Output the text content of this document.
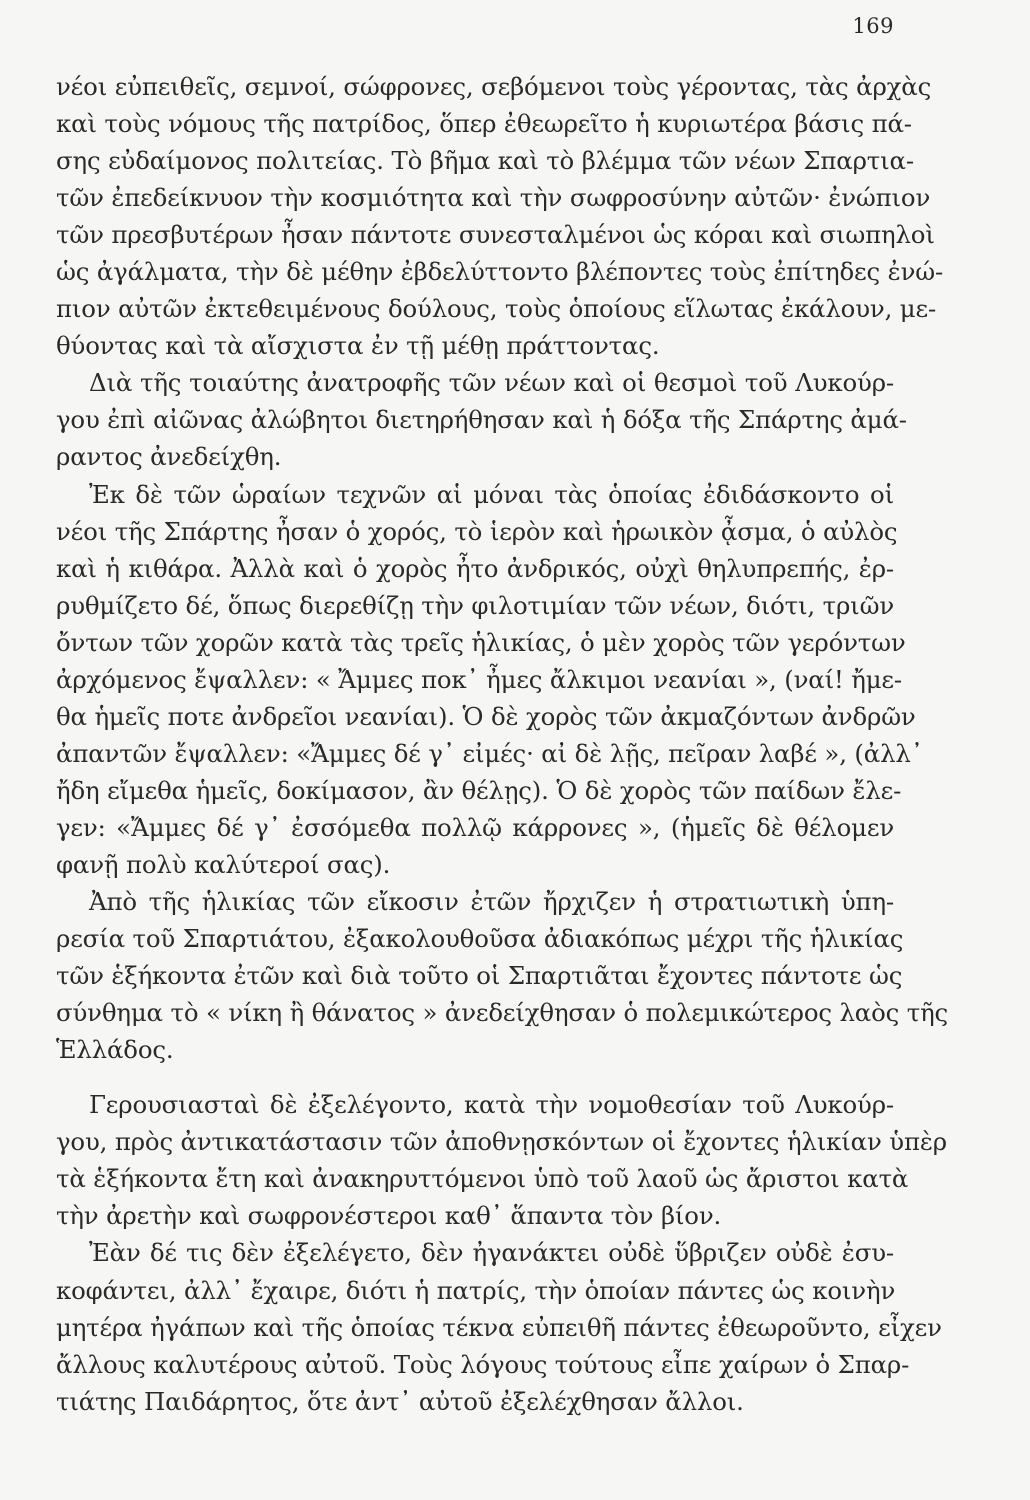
169

νέοι εὐπειθεῖς, σεμνοί, σώφρονες, σεβόμενοι τοὺς γέροντας, τὰς ἀρχὰς
καὶ τοὺς νόμους τῆς πατρίδος, ὅπερ ἐθεωρεῖτο ἡ κυριωτέρα βάσις πά-
σης εὐδαίμονος πολιτείας. Τὸ βῆμα καὶ τὸ βλέμμα τῶν νέων Σπαρτια-
τῶν ἐπεδείκνυον τὴν κοσμιότητα καὶ τὴν σωφροσύνην αὐτῶν· ἐνώπιον
τῶν πρεσβυτέρων ἦσαν πάντοτε συνεσταλμένοι ὡς κόραι καὶ σιωπηλοὶ
ὡς ἀγάλματα, τὴν δὲ μέθην ἐβδελύττοντο βλέποντες τοὺς ἐπίτηδες ἐνώ-
πιον αὐτῶν ἐκτεθειμένους δούλους, τοὺς ὁποίους εἵλωτας ἐκάλουν, με-
θύοντας καὶ τὰ αἴσχιστα ἐν τῇ μέθῃ πράττοντας.

Διὰ τῆς τοιαύτης ἀνατροφῆς τῶν νέων καὶ οἱ θεσμοὶ τοῦ Λυκούρ-
γου ἐπὶ αἰῶνας ἀλώβητοι διετηρήθησαν καὶ ἡ δόξα τῆς Σπάρτης ἀμά-
ραντος ἀνεδείχθη.

Ἐκ δὲ τῶν ὡραίων τεχνῶν αἱ μόναι τὰς ὁποίας ἐδιδάσκοντο οἱ
νέοι τῆς Σπάρτης ἦσαν ὁ χορός, τὸ ἱερὸν καὶ ἡρωικὸν ᾆσμα, ὁ αὐλὸς
καὶ ἡ κιθάρα. Ἀλλὰ καὶ ὁ χορὸς ἦτο ἀνδρικός, οὐχὶ θηλυπρεπής, ἐρ-
ρυθμίζετο δέ, ὅπως διερεθίζῃ τὴν φιλοτιμίαν τῶν νέων, διότι, τριῶν
ὄντων τῶν χορῶν κατὰ τὰς τρεῖς ἡλικίας, ὁ μὲν χορὸς τῶν γερόντων
ἀρχόμενος ἔψαλλεν: « Ἄμμες ποκ᾿ ἦμες ἄλκιμοι νεανίαι », (ναί! ἤμε-
θα ἡμεῖς ποτε ἀνδρεῖοι νεανίαι). Ὁ δὲ χορὸς τῶν ἀκμαζόντων ἀνδρῶν
ἀπαντῶν ἔψαλλεν: «Ἄμμες δέ γ᾿ εἰμές· αἰ δὲ λῇς, πεῖραν λαβέ », (ἀλλ᾿
ἤδη εἴμεθα ἡμεῖς, δοκίμασον, ἂν θέλῃς). Ὁ δὲ χορὸς τῶν παίδων ἔλε-
γεν: «Ἄμμες δέ γ᾿ ἐσσόμεθα πολλῷ κάρρονες », (ἡμεῖς δὲ θέλομεν
φανῇ πολὺ καλύτεροί σας).

Ἀπὸ τῆς ἡλικίας τῶν εἴκοσιν ἐτῶν ἤρχιζεν ἡ στρατιωτικὴ ὑπη-
ρεσία τοῦ Σπαρτιάτου, ἐξακολουθοῦσα ἀδιακόπως μέχρι τῆς ἡλικίας
τῶν ἑξήκοντα ἐτῶν καὶ διὰ τοῦτο οἱ Σπαρτιᾶται ἔχοντες πάντοτε ὡς
σύνθημα τὸ « νίκη ἢ θάνατος » ἀνεδείχθησαν ὁ πολεμικώτερος λαὸς τῆς
Ἑλλάδος.

Γερουσιασταὶ δὲ ἐξελέγοντο, κατὰ τὴν νομοθεσίαν τοῦ Λυκούρ-
γου, πρὸς ἀντικατάστασιν τῶν ἀποθνῃσκόντων οἱ ἔχοντες ἡλικίαν ὑπὲρ
τὰ ἑξήκοντα ἔτη καὶ ἀνακηρυττόμενοι ὑπὸ τοῦ λαοῦ ὡς ἄριστοι κατὰ
τὴν ἀρετὴν καὶ σωφρονέστεροι καθ᾿ ἅπαντα τὸν βίον.

Ἐὰν δέ τις δὲν ἐξελέγετο, δὲν ἠγανάκτει οὐδὲ ὕβριζεν οὐδὲ ἐσυ-
κοφάντει, ἀλλ᾿ ἔχαιρε, διότι ἡ πατρίς, τὴν ὁποίαν πάντες ὡς κοινὴν
μητέρα ἠγάπων καὶ τῆς ὁποίας τέκνα εὐπειθῆ πάντες ἐθεωροῦντο, εἶχεν
ἄλλους καλυτέρους αὐτοῦ. Τοὺς λόγους τούτους εἶπε χαίρων ὁ Σπαρ-
τιάτης Παιδάρητος, ὅτε ἀντ᾿ αὐτοῦ ἐξελέχθησαν ἄλλοι.
